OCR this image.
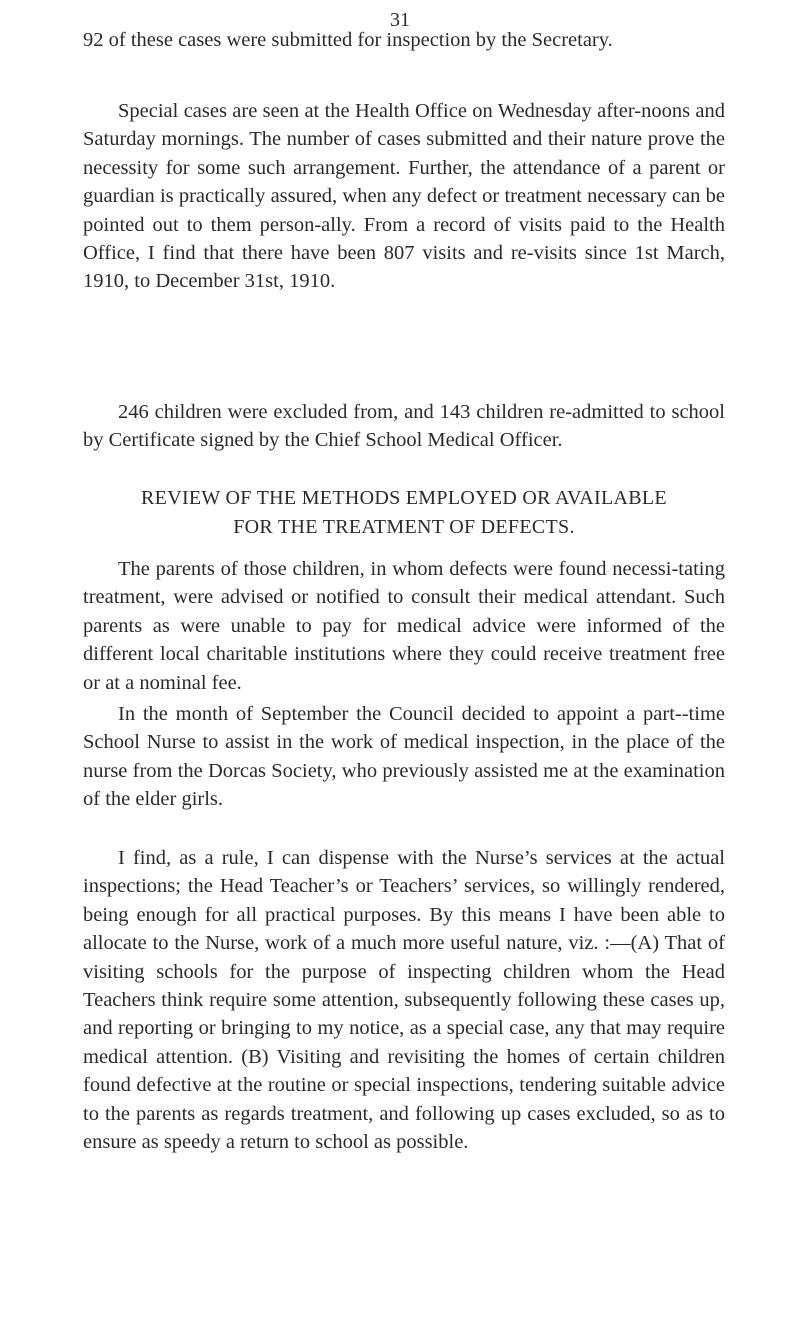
31
92 of these cases were submitted for inspection by the Secretary.
Special cases are seen at the Health Office on Wednesday after-noons and Saturday mornings. The number of cases submitted and their nature prove the necessity for some such arrangement. Further, the attendance of a parent or guardian is practically assured, when any defect or treatment necessary can be pointed out to them person-ally. From a record of visits paid to the Health Office, I find that there have been 807 visits and re-visits since 1st March, 1910, to December 31st, 1910.
246 children were excluded from, and 143 children re-admitted to school by Certificate signed by the Chief School Medical Officer.
REVIEW OF THE METHODS EMPLOYED OR AVAILABLE
FOR THE TREATMENT OF DEFECTS.
The parents of those children, in whom defects were found necessi-tating treatment, were advised or notified to consult their medical attendant. Such parents as were unable to pay for medical advice were informed of the different local charitable institutions where they could receive treatment free or at a nominal fee.
In the month of September the Council decided to appoint a part--time School Nurse to assist in the work of medical inspection, in the place of the nurse from the Dorcas Society, who previously assisted me at the examination of the elder girls.
I find, as a rule, I can dispense with the Nurse’s services at the actual inspections; the Head Teacher’s or Teachers’ services, so willingly rendered, being enough for all practical purposes. By this means I have been able to allocate to the Nurse, work of a much more useful nature, viz. :—(A) That of visiting schools for the purpose of inspecting children whom the Head Teachers think require some attention, subsequently following these cases up, and reporting or bringing to my notice, as a special case, any that may require medical attention. (B) Visiting and revisiting the homes of certain children found defective at the routine or special inspections, tendering suitable advice to the parents as regards treatment, and following up cases excluded, so as to ensure as speedy a return to school as possible.
